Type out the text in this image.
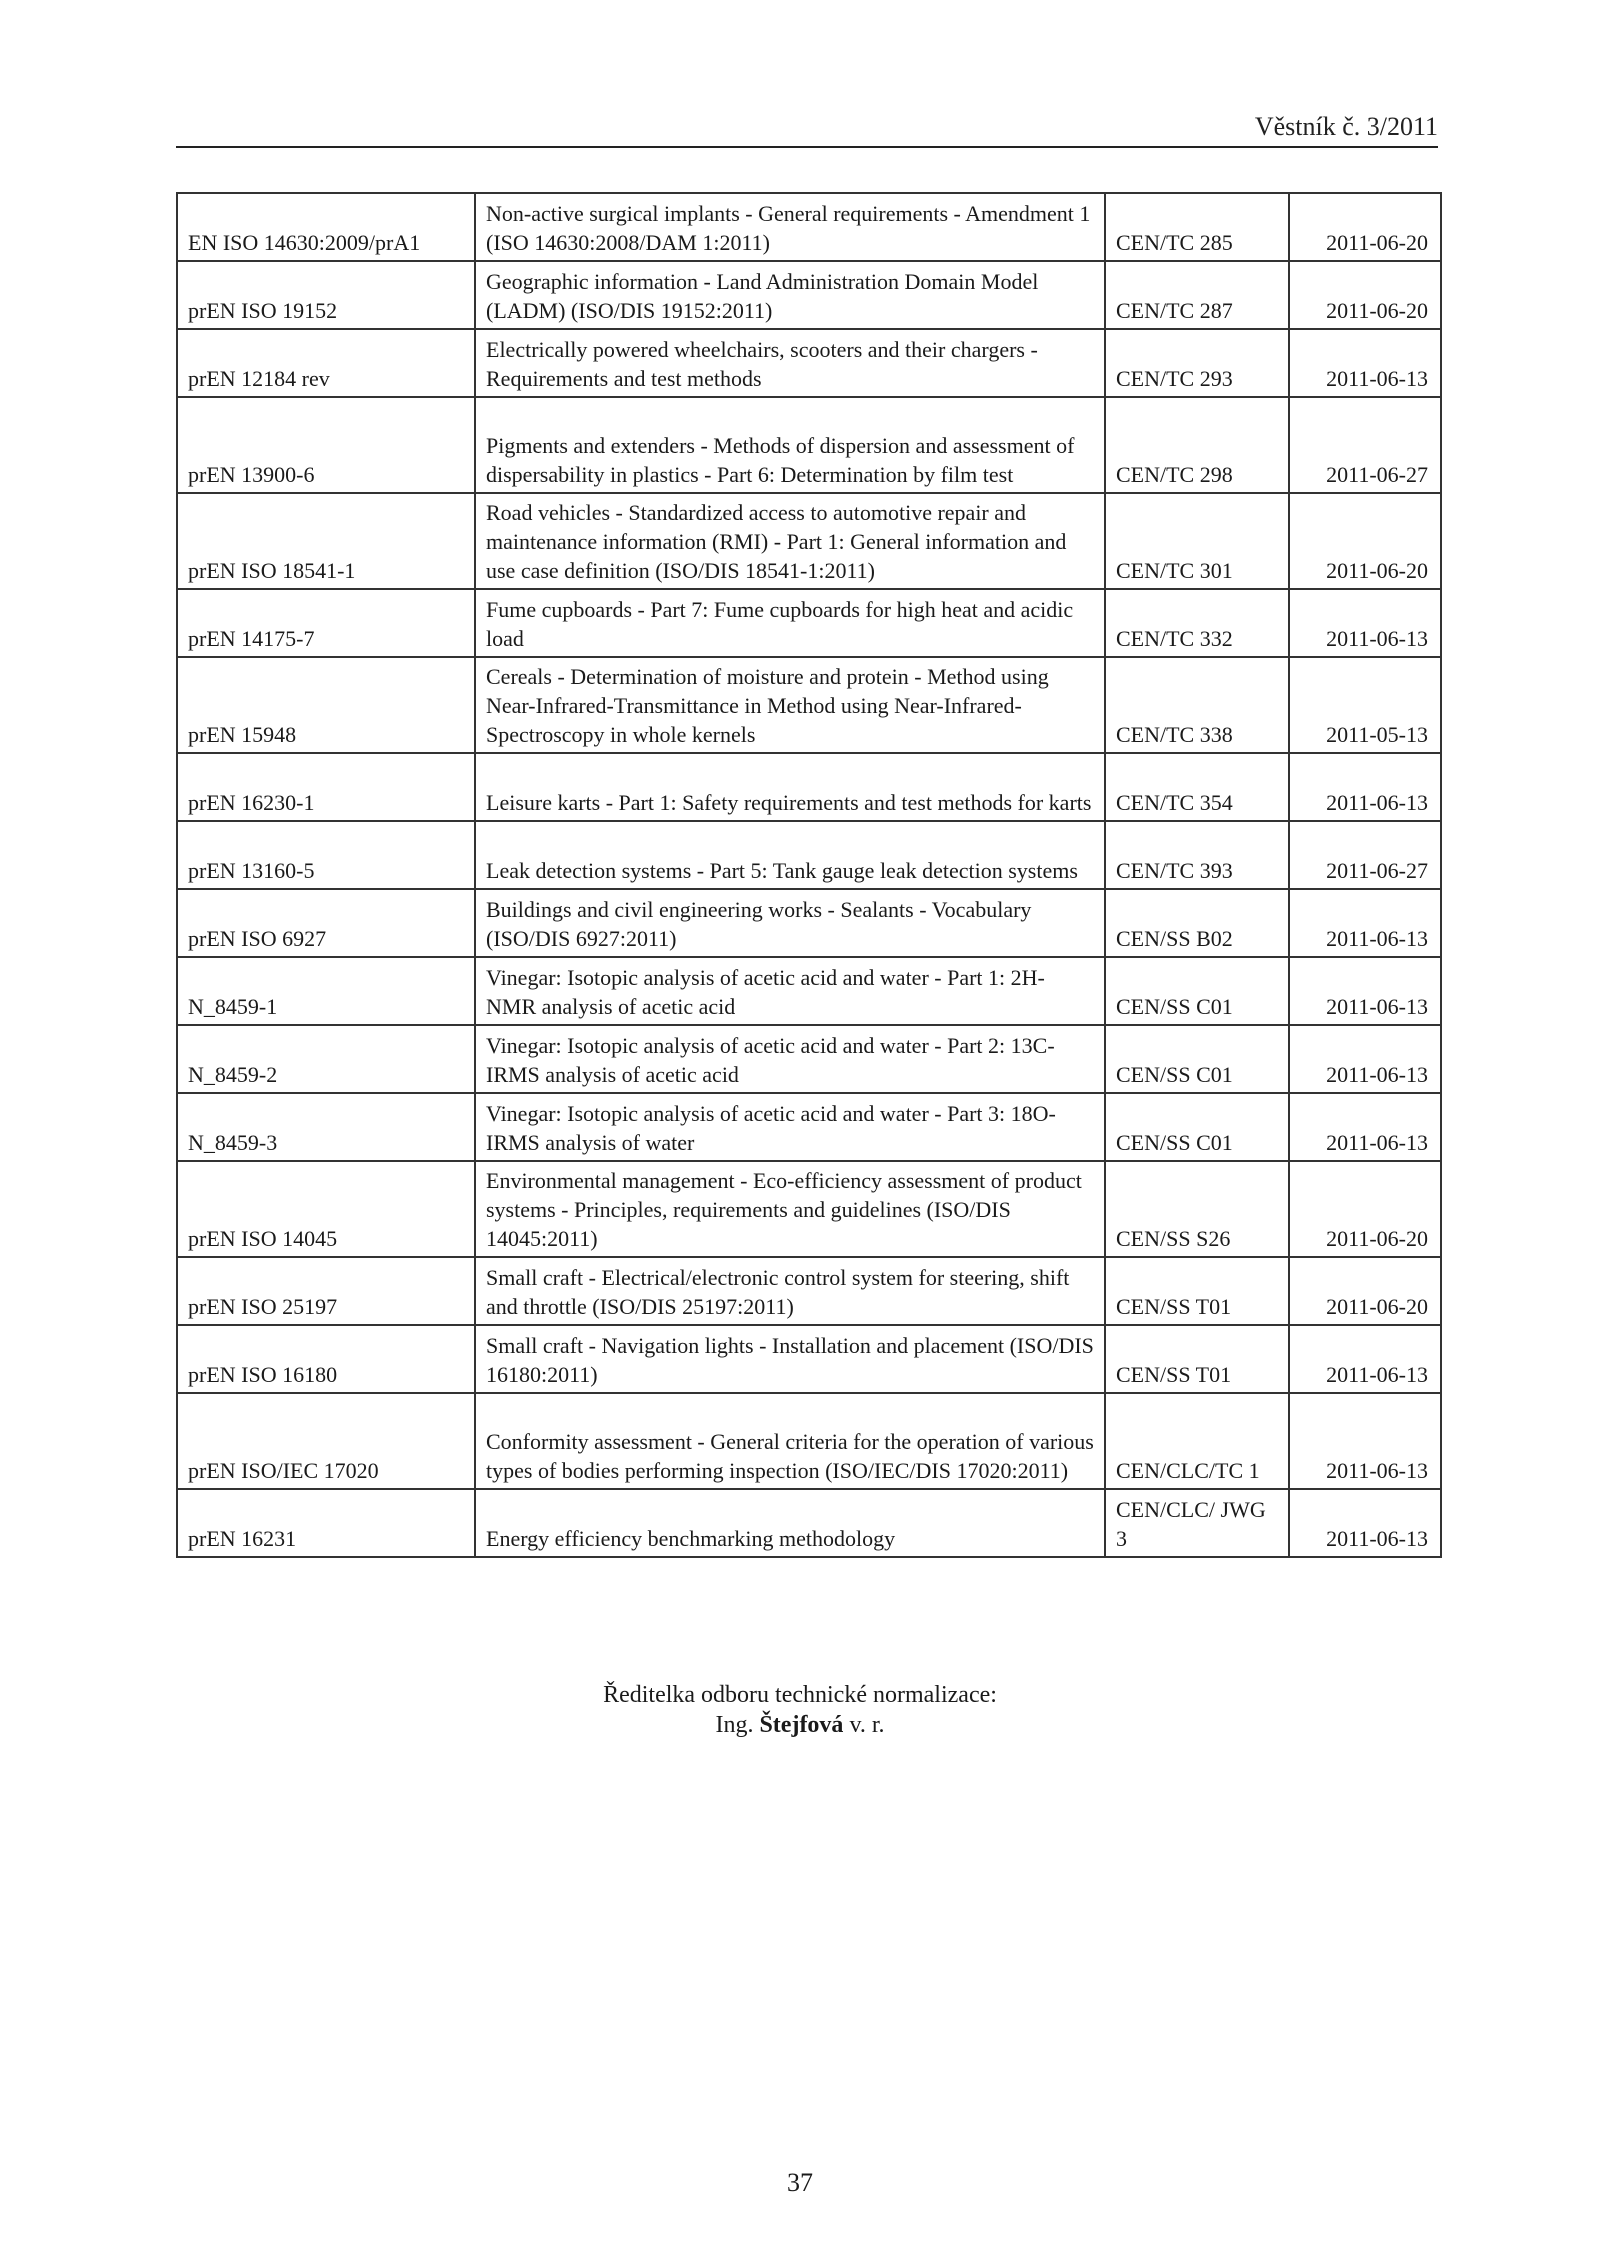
Věstník č. 3/2011
EN ISO 14630:2009/prA1	Non-active surgical implants - General requirements - Amendment 1 (ISO 14630:2008/DAM 1:2011)	CEN/TC 285	2011-06-20
prEN ISO 19152	Geographic information - Land Administration Domain Model (LADM) (ISO/DIS 19152:2011)	CEN/TC 287	2011-06-20
prEN 12184 rev	Electrically powered wheelchairs, scooters and their chargers - Requirements and test methods	CEN/TC 293	2011-06-13
prEN 13900-6	Pigments and extenders - Methods of dispersion and assessment of dispersability in plastics - Part 6: Determination by film test	CEN/TC 298	2011-06-27
prEN ISO 18541-1	Road vehicles - Standardized access to automotive repair and maintenance information (RMI) - Part 1: General information and use case definition (ISO/DIS 18541-1:2011)	CEN/TC 301	2011-06-20
prEN 14175-7	Fume cupboards - Part 7: Fume cupboards for high heat and acidic load	CEN/TC 332	2011-06-13
prEN 15948	Cereals - Determination of moisture and protein - Method using Near-Infrared-Transmittance in Method using Near-Infrared-Spectroscopy in whole kernels	CEN/TC 338	2011-05-13
prEN 16230-1	Leisure karts - Part 1: Safety requirements and test methods for karts	CEN/TC 354	2011-06-13
prEN 13160-5	Leak detection systems - Part 5: Tank gauge leak detection systems	CEN/TC 393	2011-06-27
prEN ISO 6927	Buildings and civil engineering works - Sealants - Vocabulary (ISO/DIS 6927:2011)	CEN/SS B02	2011-06-13
N_8459-1	Vinegar: Isotopic analysis of acetic acid and water - Part 1: 2H-NMR analysis of acetic acid	CEN/SS C01	2011-06-13
N_8459-2	Vinegar: Isotopic analysis of acetic acid and water - Part 2: 13C-IRMS analysis of acetic acid	CEN/SS C01	2011-06-13
N_8459-3	Vinegar: Isotopic analysis of acetic acid and water - Part 3: 18O-IRMS analysis of water	CEN/SS C01	2011-06-13
prEN ISO 14045	Environmental management - Eco-efficiency assessment of product systems - Principles, requirements and guidelines (ISO/DIS 14045:2011)	CEN/SS S26	2011-06-20
prEN ISO 25197	Small craft - Electrical/electronic control system for steering, shift and throttle (ISO/DIS 25197:2011)	CEN/SS T01	2011-06-20
prEN ISO 16180	Small craft - Navigation lights - Installation and placement (ISO/DIS 16180:2011)	CEN/SS T01	2011-06-13
prEN ISO/IEC 17020	Conformity assessment - General criteria for the operation of various types of bodies performing inspection (ISO/IEC/DIS 17020:2011)	CEN/CLC/TC 1	2011-06-13
prEN 16231	Energy efficiency benchmarking methodology	CEN/CLC/ JWG 3	2011-06-13
Ředitelka odboru technické normalizace:
Ing. Štejfová v. r.
37
